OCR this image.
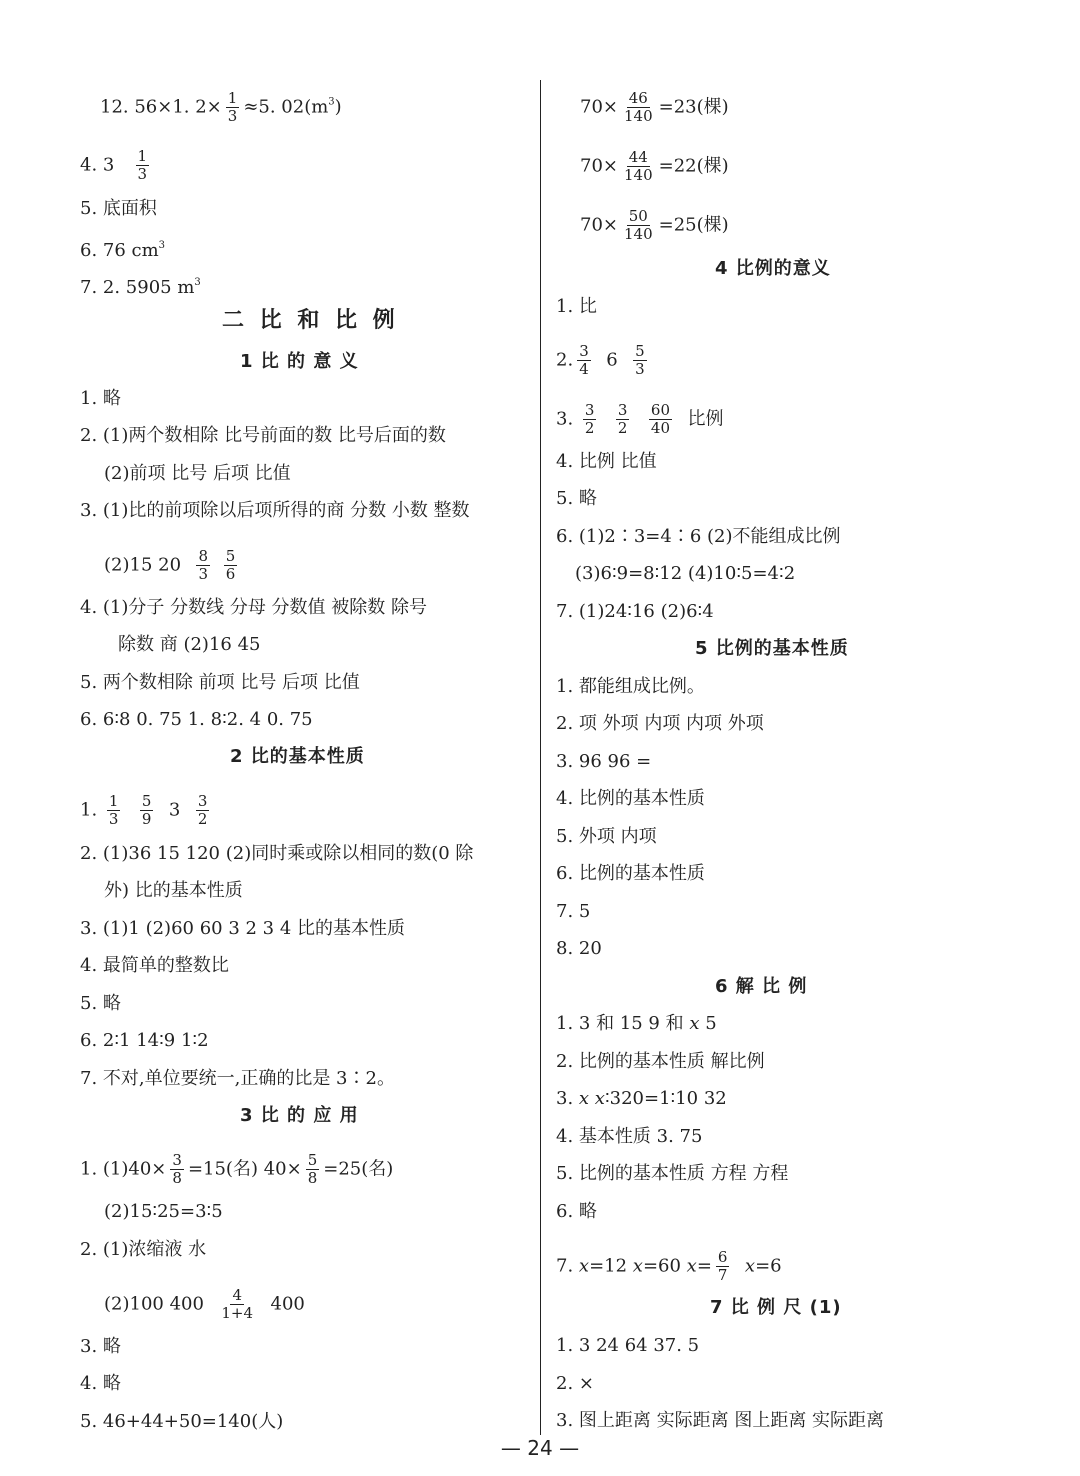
12. 56×1. $2\times \frac{1}{3} \approx 5$. $02(m^3)$
4. $3 \frac{1}{3}$
5. 底面积
6. 76 $cm^3$
7. 2. 5905 $m^3$
二 比 和 比 例
1 比 的 意 义
1. 略
2. (1)两个数相除 比号前面的数 比号后面的数
(2)前项 比号 后项 比值
3. (1)比的前项除以后项所得的商 分数 小数 整数
(2)15 $20 \frac{8}{3}$
$\frac{5}{6}$
4. (1)分子 分数线 分母 分数值 被除数 除号
除数 商 (2)16 45
5. 两个数相除 前项 比号 后项 比值
6. 6∶8 0. 75 1. 8∶2. 4 0. 75
2 比的基本性质
1. $\frac{1}{3}$
$\frac{5}{9} 3 \frac{3}{2}$
2. (1)36 15 120 (2)同时乘或除以相同的数(0 除
外) 比的基本性质
3. (1)1 (2)60 60 3 2 3 4 比的基本性质
4. 最简单的整数比
5. 略
6. 2∶1 14∶9 1∶2
7. 不对,单位要统一,正确的比是 3∶2。
3 比 的 应 用
1. $(1)40\times \frac{3}{8} =15$(名) $40\times \frac{5}{8} =25$(名)
(2)15∶25=3∶5
2. (1)浓缩液 水
(2)100 $400 \frac{4}{1+4} 400$
3. 略
4. 略
5. 46+44+50=140(人)
$70\times \frac{46}{140} =23$(棵)
$70\times \frac{44}{140} =22$(棵)
$70\times \frac{50}{140} =25$(棵)
4 比例的意义
1. 比
2. $\frac{3}{4} 6 \frac{5}{3}$
3. $\frac{3}{2}$
$\frac{3}{2}$
$\frac{60}{40}$ 比例
4. 比例 比值
5. 略
6. (1)2∶3=4∶6 (2)不能组成比例
(3)6∶9=8∶12 (4)10∶5=4∶2
7. (1)24∶16 (2)6∶4
5 比例的基本性质
1. 都能组成比例。
2. 项 外项 内项 内项 外项
3. 96 96 =
4. 比例的基本性质
5. 外项 内项
6. 比例的基本性质
7. 5
8. 20
6 解 比 例
1. 3 和 15 9 和 x 5
2. 比例的基本性质 解比例
3. x x∶320=1∶10 32
4. 基本性质 3. 75
5. 比例的基本性质 方程 方程
6. 略
7. x=12 x=60 $x= \frac{6}{7} x=6$
7 比 例 尺 (1)
1. 3 24 64 37. 5
2. ×
3. 图上距离 实际距离 图上距离 实际距离
— 24 —
